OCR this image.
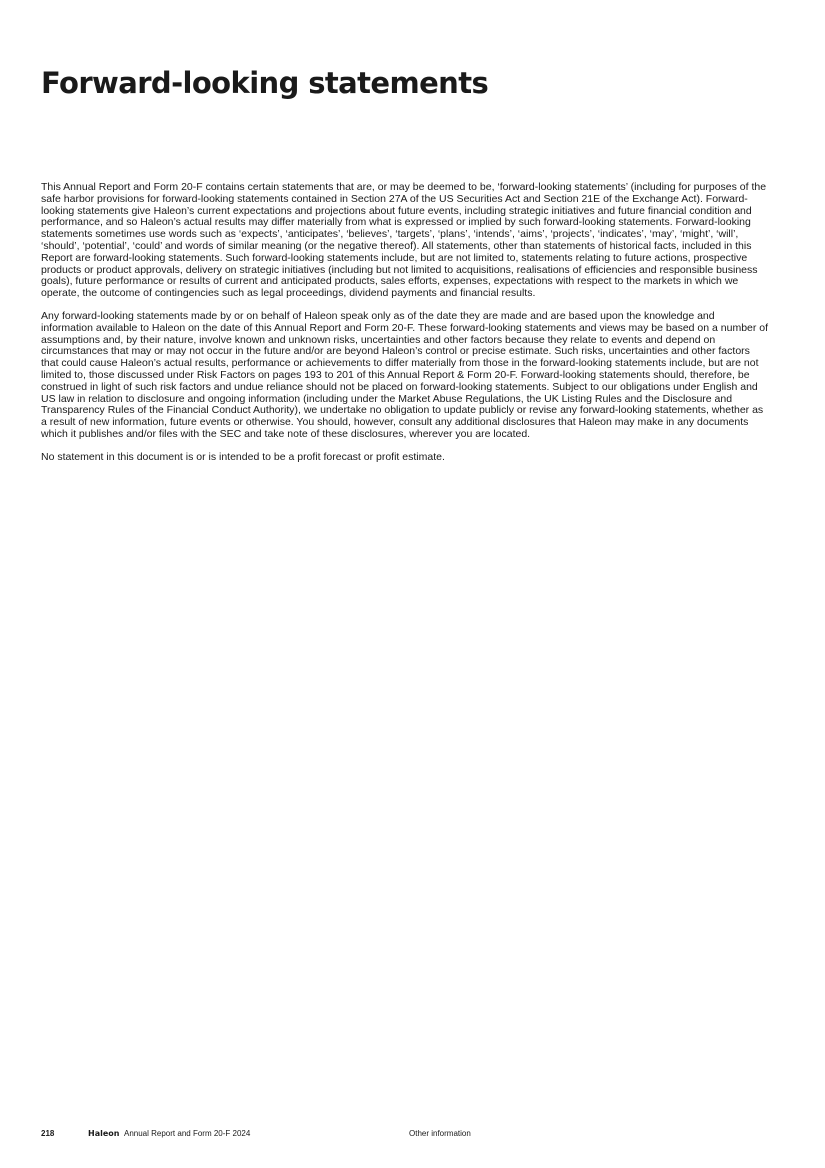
Forward-looking statements

This Annual Report and Form 20-F contains certain statements that are, or may be deemed to be, ‘forward-looking statements’ (including for purposes of the safe harbor provisions for forward-looking statements contained in Section 27A of the US Securities Act and Section 21E of the Exchange Act). Forward-looking statements give Haleon’s current expectations and projections about future events, including strategic initiatives and future financial condition and performance, and so Haleon’s actual results may differ materially from what is expressed or implied by such forward-looking statements. Forward-looking statements sometimes use words such as ‘expects’, ‘anticipates’, ‘believes’, ‘targets’, ‘plans’, ‘intends’, ‘aims’, ‘projects’, ‘indicates’, ‘may’, ‘might’, ‘will’, ‘should’, ‘potential’, ‘could’ and words of similar meaning (or the negative thereof). All statements, other than statements of historical facts, included in this Report are forward-looking statements. Such forward-looking statements include, but are not limited to, statements relating to future actions, prospective products or product approvals, delivery on strategic initiatives (including but not limited to acquisitions, realisations of efficiencies and responsible business goals), future performance or results of current and anticipated products, sales efforts, expenses, expectations with respect to the markets in which we operate, the outcome of contingencies such as legal proceedings, dividend payments and financial results.

Any forward-looking statements made by or on behalf of Haleon speak only as of the date they are made and are based upon the knowledge and information available to Haleon on the date of this Annual Report and Form 20-F. These forward-looking statements and views may be based on a number of assumptions and, by their nature, involve known and unknown risks, uncertainties and other factors because they relate to events and depend on circumstances that may or may not occur in the future and/or are beyond Haleon’s control or precise estimate. Such risks, uncertainties and other factors that could cause Haleon’s actual results, performance or achievements to differ materially from those in the forward-looking statements include, but are not limited to, those discussed under Risk Factors on pages 193 to 201 of this Annual Report & Form 20-F. Forward-looking statements should, therefore, be construed in light of such risk factors and undue reliance should not be placed on forward-looking statements. Subject to our obligations under English and US law in relation to disclosure and ongoing information (including under the Market Abuse Regulations, the UK Listing Rules and the Disclosure and Transparency Rules of the Financial Conduct Authority), we undertake no obligation to update publicly or revise any forward-looking statements, whether as a result of new information, future events or otherwise. You should, however, consult any additional disclosures that Haleon may make in any documents which it publishes and/or files with the SEC and take note of these disclosures, wherever you are located.

No statement in this document is or is intended to be a profit forecast or profit estimate.

218	Haleon Annual Report and Form 20-F 2024	Other information
